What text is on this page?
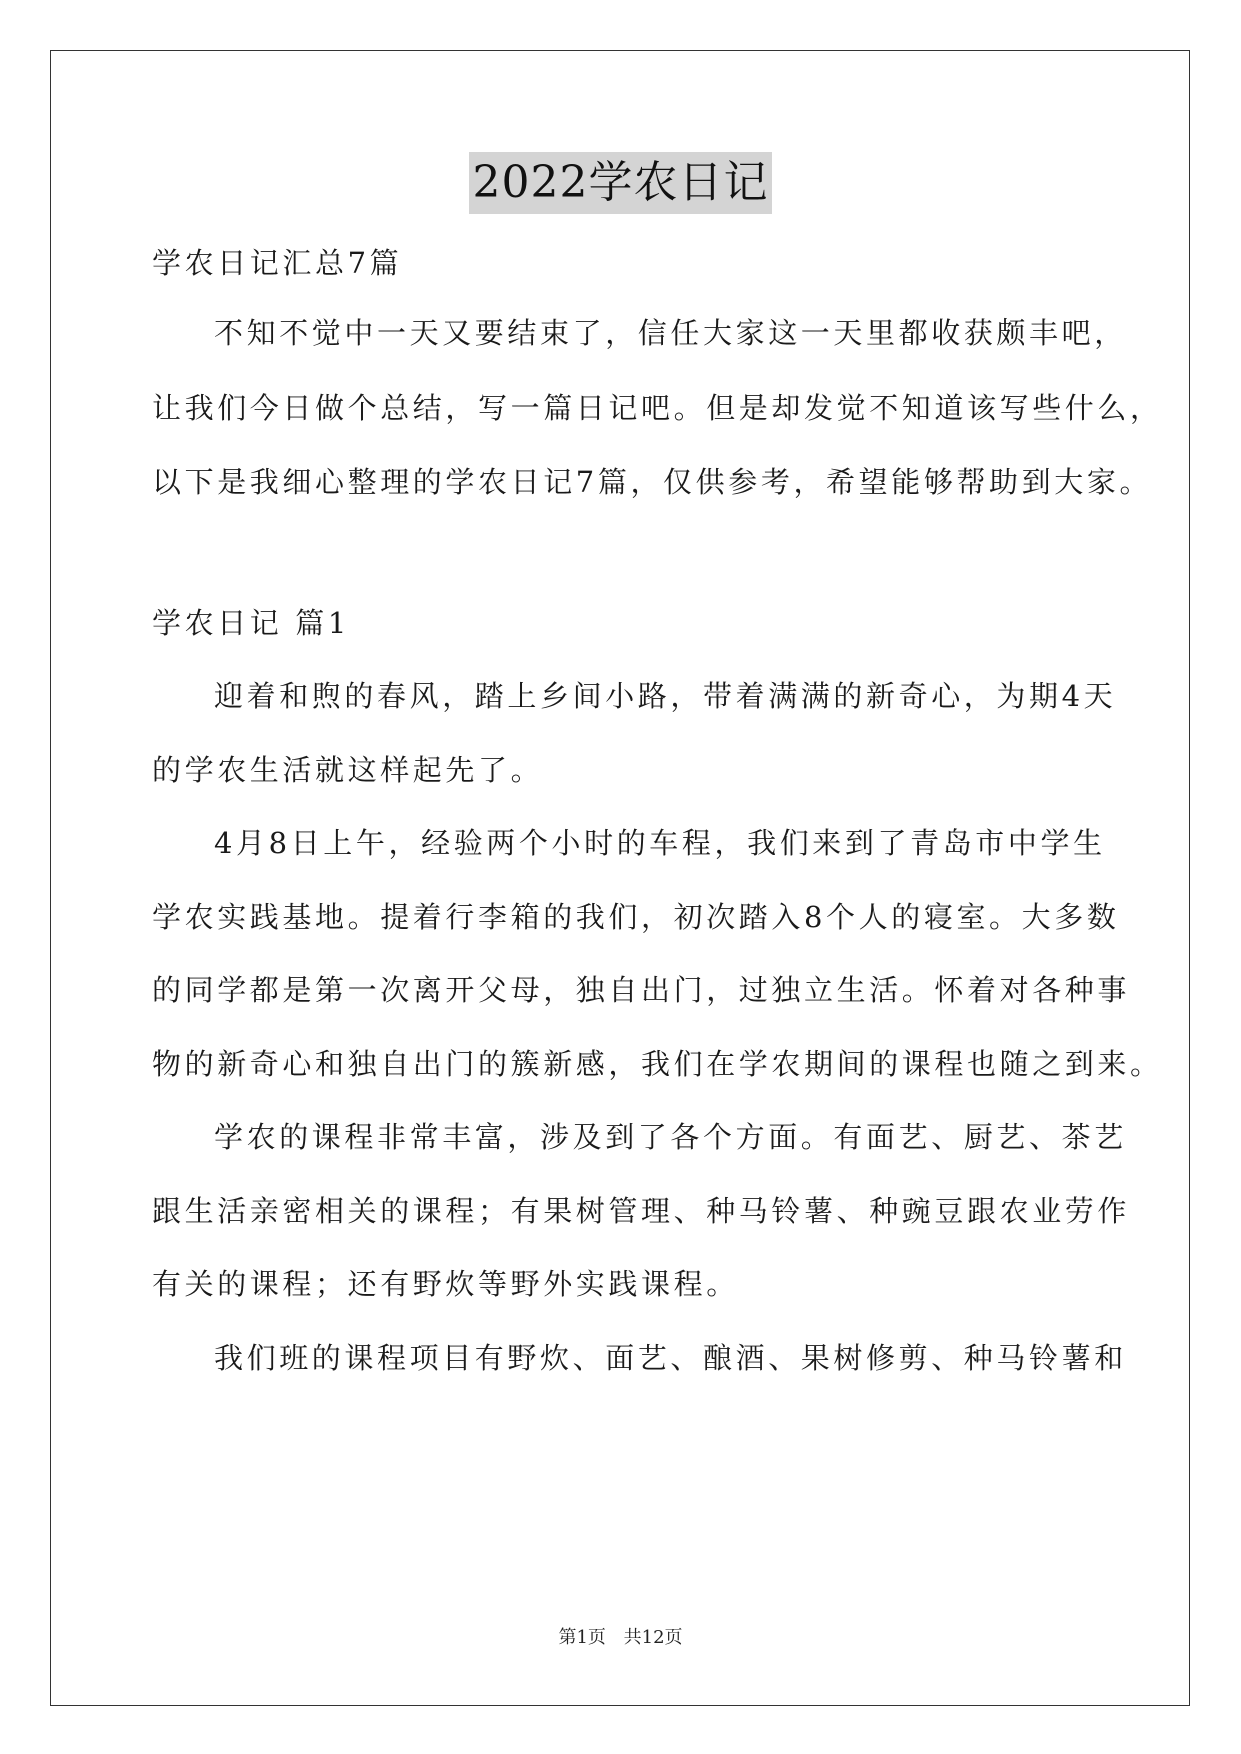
2022学农日记
学农日记汇总7篇
不知不觉中一天又要结束了，信任大家这一天里都收获颇丰吧，
让我们今日做个总结，写一篇日记吧。但是却发觉不知道该写些什么，
以下是我细心整理的学农日记7篇，仅供参考，希望能够帮助到大家。
学农日记 篇1
迎着和煦的春风，踏上乡间小路，带着满满的新奇心，为期4天
的学农生活就这样起先了。
4月8日上午，经验两个小时的车程，我们来到了青岛市中学生
学农实践基地。提着行李箱的我们，初次踏入8个人的寝室。大多数
的同学都是第一次离开父母，独自出门，过独立生活。怀着对各种事
物的新奇心和独自出门的簇新感，我们在学农期间的课程也随之到来。
学农的课程非常丰富，涉及到了各个方面。有面艺、厨艺、茶艺
跟生活亲密相关的课程；有果树管理、种马铃薯、种豌豆跟农业劳作
有关的课程；还有野炊等野外实践课程。
我们班的课程项目有野炊、面艺、酿酒、果树修剪、种马铃薯和
第1页 共12页
